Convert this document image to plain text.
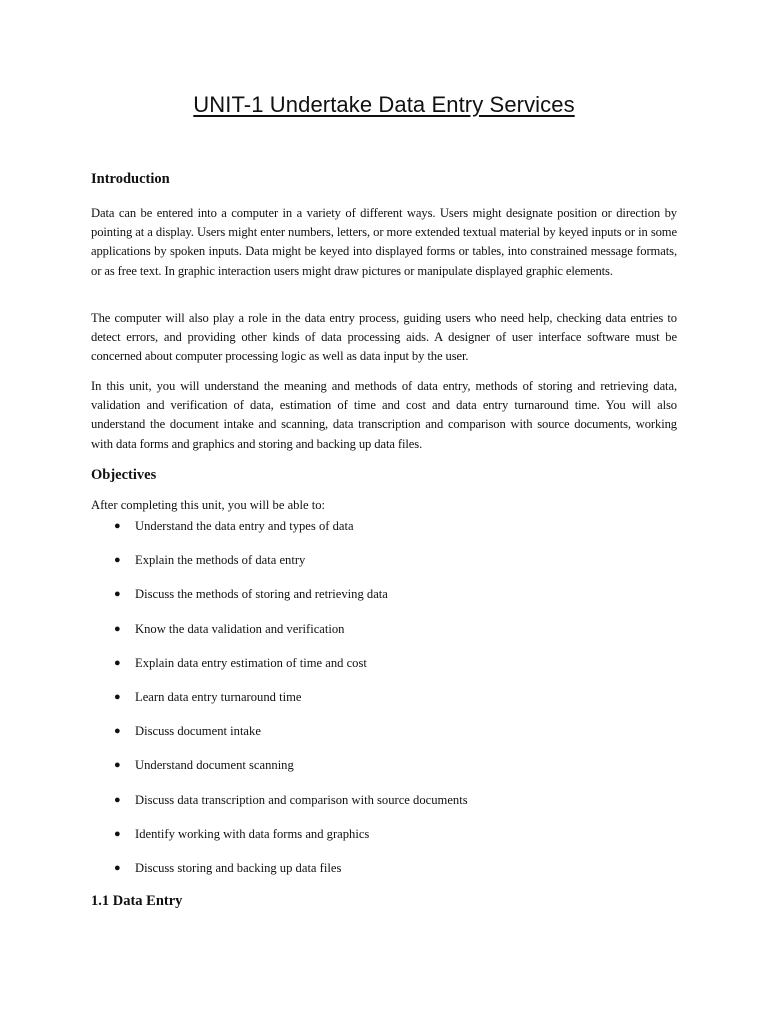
UNIT-1 Undertake Data Entry Services
Introduction

Data can be entered into a computer in a variety of different ways. Users might designate position or direction by pointing at a display. Users might enter numbers, letters, or more extended textual material by keyed inputs or in some applications by spoken inputs. Data might be keyed into displayed forms or tables, into constrained message formats, or as free text. In graphic interaction users might draw pictures or manipulate displayed graphic elements.

The computer will also play a role in the data entry process, guiding users who need help, checking data entries to detect errors, and providing other kinds of data processing aids. A designer of user interface software must be concerned about computer processing logic as well as data input by the user.

In this unit, you will understand the meaning and methods of data entry, methods of storing and retrieving data, validation and verification of data, estimation of time and cost and data entry turnaround time. You will also understand the document intake and scanning, data transcription and comparison with source documents, working with data forms and graphics and storing and backing up data files.

Objectives

After completing this unit, you will be able to:

● Understand the data entry and types of data
● Explain the methods of data entry
● Discuss the methods of storing and retrieving data
● Know the data validation and verification
● Explain data entry estimation of time and cost
● Learn data entry turnaround time
● Discuss document intake
● Understand document scanning
● Discuss data transcription and comparison with source documents
● Identify working with data forms and graphics
● Discuss storing and backing up data files
1.1 Data Entry
